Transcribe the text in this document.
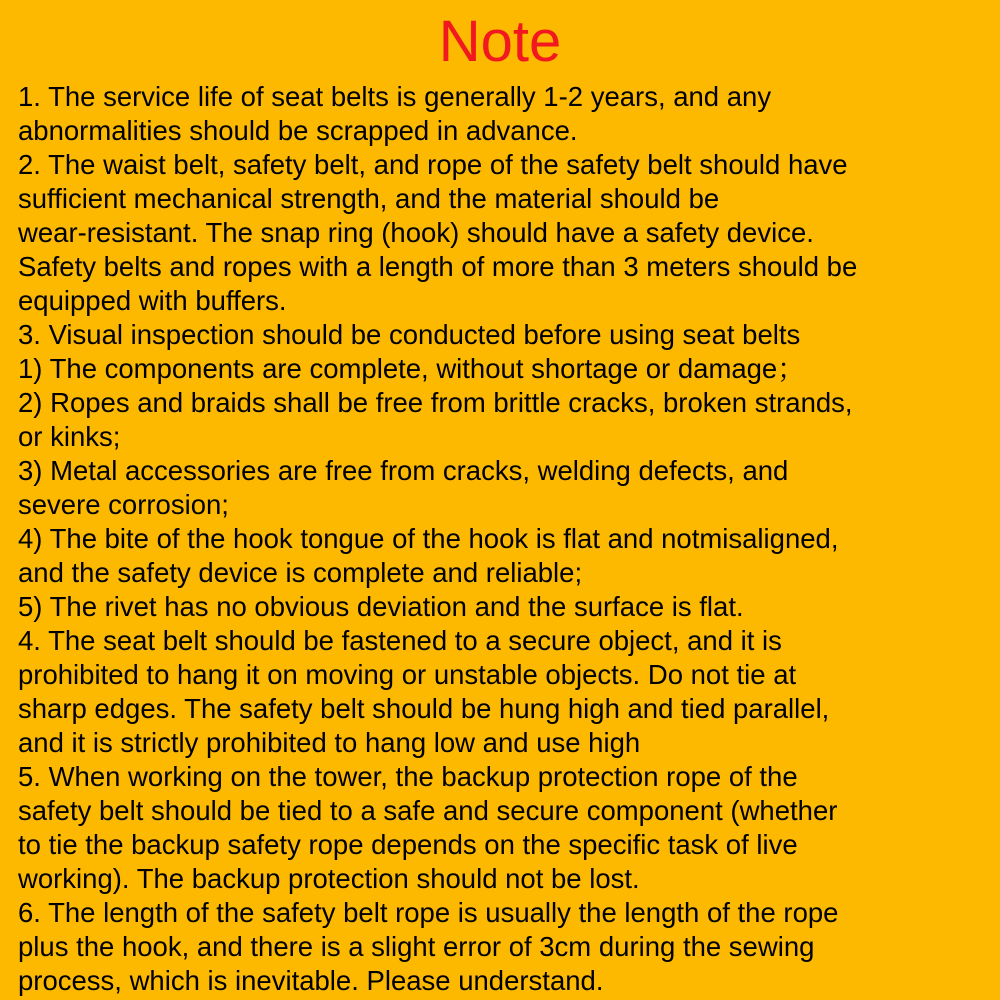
Note
1. The service life of seat belts is generally 1-2 years, and any
abnormalities should be scrapped in advance.
2. The waist belt, safety belt, and rope of the safety belt should have
sufficient mechanical strength, and the material should be
wear-resistant. The snap ring (hook) should have a safety device.
Safety belts and ropes with a length of more than 3 meters should be
equipped with buffers.
3. Visual inspection should be conducted before using seat belts
1) The components are complete, without shortage or damage；
2) Ropes and braids shall be free from brittle cracks, broken strands,
or kinks;
3) Metal accessories are free from cracks, welding defects, and
severe corrosion;
4) The bite of the hook tongue of the hook is flat and notmisaligned,
and the safety device is complete and reliable;
5) The rivet has no obvious deviation and the surface is flat.
4. The seat belt should be fastened to a secure object, and it is
prohibited to hang it on moving or unstable objects. Do not tie at
sharp edges. The safety belt should be hung high and tied parallel,
and it is strictly prohibited to hang low and use high
5. When working on the tower, the backup protection rope of the
safety belt should be tied to a safe and secure component (whether
to tie the backup safety rope depends on the specific task of live
working). The backup protection should not be lost.
6. The length of the safety belt rope is usually the length of the rope
plus the hook, and there is a slight error of 3cm during the sewing
process, which is inevitable. Please understand.
